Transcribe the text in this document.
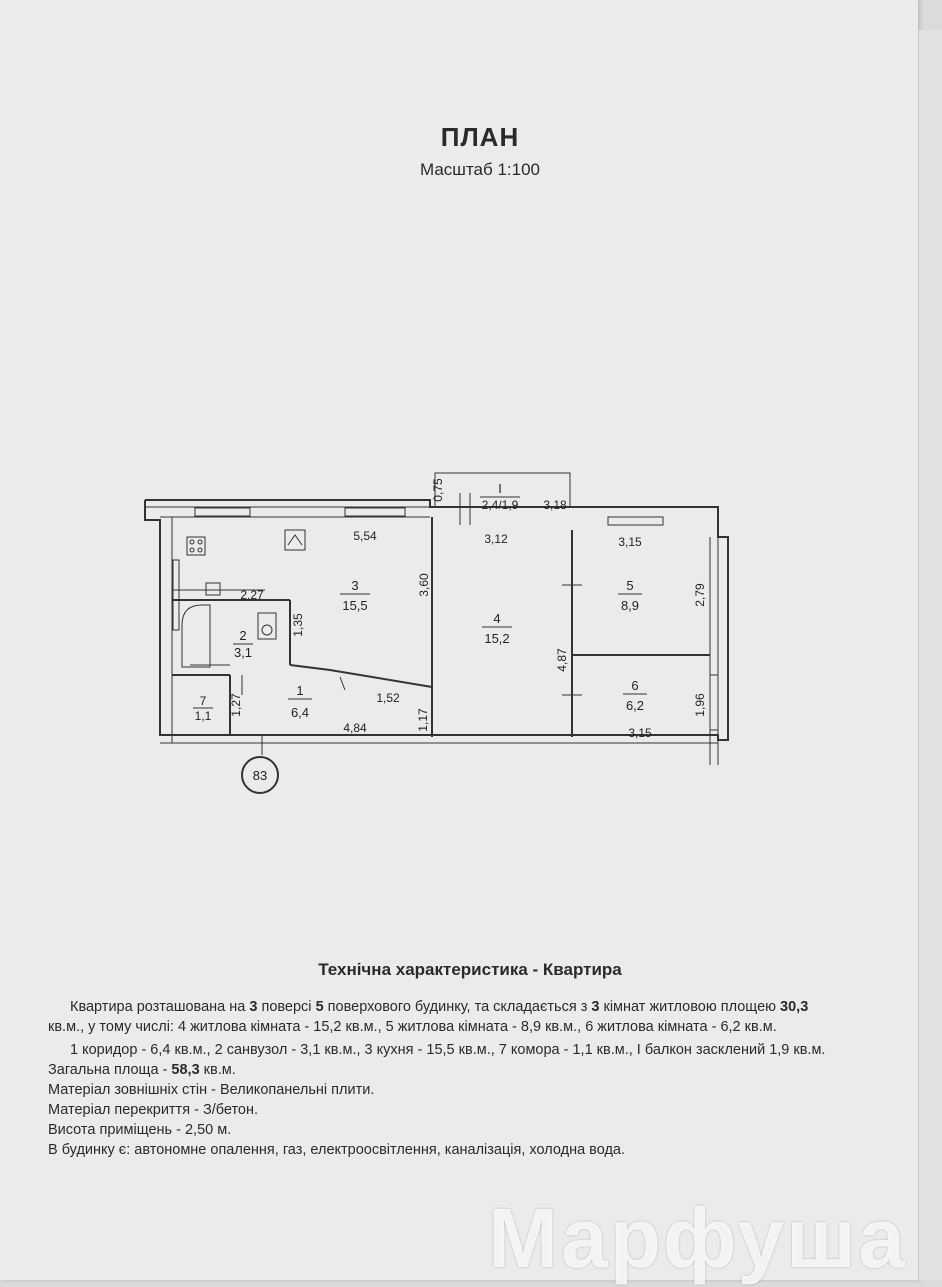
ПЛАН
Масштаб 1:100
83
1
6,4
2
3,1
3
15,5
4
15,2
5
8,9
6
6,2
7
1,1
I
2,4/1,9
5,54
2,27	3,60
1,35
1,52
4,84	1,17
1,27
3,12
4,87
3,15
2,79
1,96
3,15
0,75
3,18
Технічна характеристика - Квартира

Квартира розташована на 3 поверсі 5 поверхового будинку, та складається з 3 кімнат житловою площею 30,3 кв.м., у тому числі: 4 житлова кімната - 15,2 кв.м., 5 житлова кімната - 8,9 кв.м., 6 житлова кімната - 6,2 кв.м.

1 коридор - 6,4 кв.м., 2 санвузол - 3,1 кв.м., 3 кухня - 15,5 кв.м., 7 комора - 1,1 кв.м., I балкон засклений 1,9 кв.м.

Загальна площа - 58,3 кв.м.

Матеріал зовнішніх стін - Великопанельні плити.

Матеріал перекриття - З/бетон.

Висота приміщень - 2,50 м.

В будинку є: автономне опалення, газ, електроосвітлення, каналізація, холодна вода.

Марфуша
